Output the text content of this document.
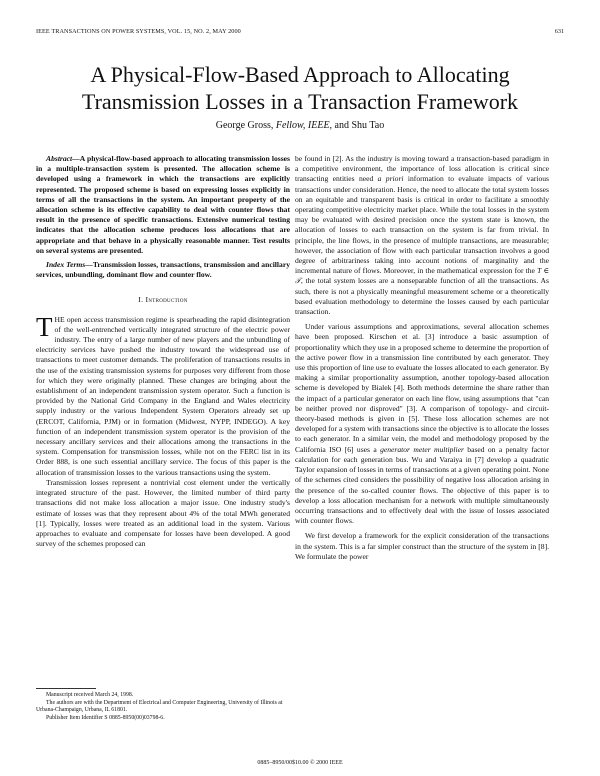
IEEE TRANSACTIONS ON POWER SYSTEMS, VOL. 15, NO. 2, MAY 2000	631
A Physical-Flow-Based Approach to Allocating Transmission Losses in a Transaction Framework
George Gross, Fellow, IEEE, and Shu Tao

Abstract—A physical-flow-based approach to allocating transmission losses in a multiple-transaction system is presented. The allocation scheme is developed using a framework in which the transactions are explicitly represented. The proposed scheme is based on expressing losses explicitly in terms of all the transactions in the system. An important property of the allocation scheme is its effective capability to deal with counter flows that result in the presence of specific transactions. Extensive numerical testing indicates that the allocation scheme produces loss allocations that are appropriate and that behave in a physically reasonable manner. Test results on several systems are presented.

Index Terms—Transmission losses, transactions, transmission and ancillary services, unbundling, dominant flow and counter flow.

I. Introduction

THE open access transmission regime is spearheading the rapid disintegration of the well-entrenched vertically integrated structure of the electric power industry. The entry of a large number of new players and the unbundling of electricity services have pushed the industry toward the widespread use of transactions to meet customer demands. The proliferation of transactions results in the use of the existing transmission systems for purposes very different from those for which they were originally planned. These changes are bringing about the establishment of an independent transmission system operator. Such a function is provided by the National Grid Company in the England and Wales electricity supply industry or the various Independent System Operators already set up (ERCOT, California, PJM) or in formation (Midwest, NYPP, INDEGO). A key function of an independent transmission system operator is the provision of the necessary ancillary services and their allocations among the transactions in the system. Compensation for transmission losses, while not on the FERC list in its Order 888, is one such essential ancillary service. The focus of this paper is the allocation of transmission losses to the various transactions using the system.

Transmission losses represent a nontrivial cost element under the vertically integrated structure of the past. However, the limited number of third party transactions did not make loss allocation a major issue. One industry study's estimate of losses was that they represent about 4% of the total MWh generated [1]. Typically, losses were treated as an additional load in the system. Various approaches to evaluate and compensate for losses have been developed. A good survey of the schemes proposed can

Manuscript received March 24, 1998.
The authors are with the Department of Electrical and Computer Engineering, University of Illinois at Urbana-Champaign, Urbana, IL 61801.
Publisher Item Identifier S 0885-8950(00)03798-6.

be found in [2]. As the industry is moving toward a transaction-based paradigm in a competitive environment, the importance of loss allocation is critical since transacting entities need a priori information to evaluate impacts of various transactions under consideration. Hence, the need to allocate the total system losses on an equitable and transparent basis is critical in order to facilitate a smoothly operating competitive electricity market place. While the total losses in the system may be evaluated with desired precision once the system state is known, the allocation of losses to each transaction on the system is far from trivial. In principle, the line flows, in the presence of multiple transactions, are measurable; however, the association of flow with each particular transaction involves a good degree of arbitrariness taking into account notions of marginality and the incremental nature of flows. Moreover, in the mathematical expression for the T ∈ 𝒯, the total system losses are a nonseparable function of all the transactions. As such, there is not a physically meaningful measurement scheme or a theoretically based evaluation methodology to determine the losses caused by each particular transaction.

Under various assumptions and approximations, several allocation schemes have been proposed. Kirschen et al. [3] introduce a basic assumption of proportionality which they use in a proposed scheme to determine the proportion of the active power flow in a transmission line contributed by each generator. They use this proportion of line use to evaluate the losses allocated to each generator. By making a similar proportionality assumption, another topology-based allocation scheme is developed by Bialek [4]. Both methods determine the share rather than the impact of a particular generator on each line flow, using assumptions that "can be neither proved nor disproved" [3]. A comparison of topology- and circuit-theory-based methods is given in [5]. These loss allocation schemes are not developed for a system with transactions since the objective is to allocate the losses to each generator. In a similar vein, the model and methodology proposed by the California ISO [6] uses a generator meter multiplier based on a penalty factor calculation for each generation bus. Wu and Varaiya in [7] develop a quadratic Taylor expansion of losses in terms of transactions at a given operating point. None of the schemes cited considers the possibility of negative loss allocation arising in the presence of the so-called counter flows. The objective of this paper is to develop a loss allocation mechanism for a network with multiple simultaneously occurring transactions and to effectively deal with the issue of losses associated with counter flows.

We first develop a framework for the explicit consideration of the transactions in the system. This is a far simpler construct than the structure of the system in [8]. We formulate the power

0885–8950/00$10.00 © 2000 IEEE
